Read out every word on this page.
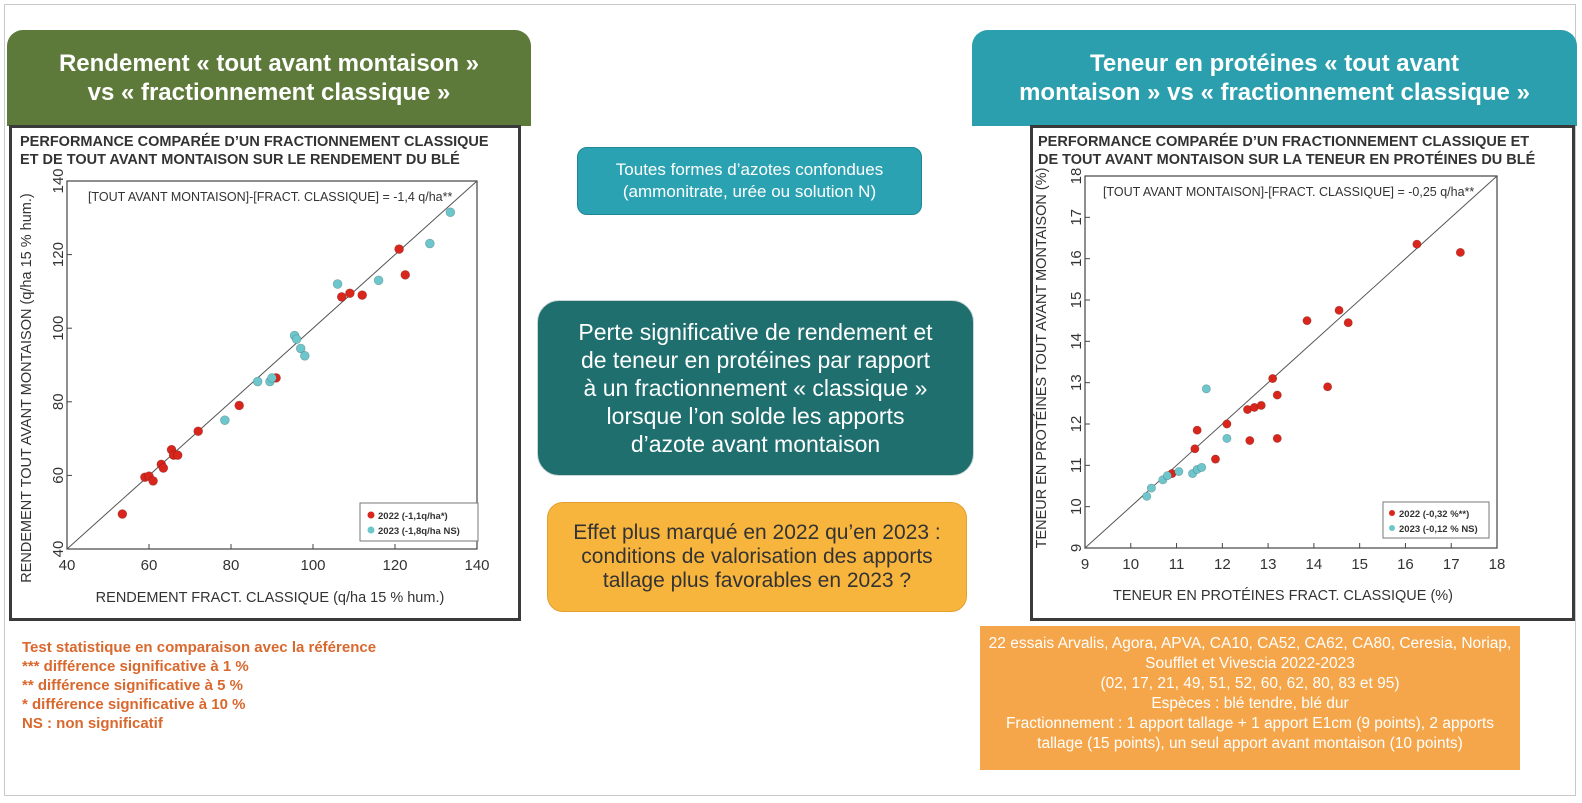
Rendement « tout avant montaison »
vs « fractionnement classique »
Teneur en protéines « tout avant
montaison » vs « fractionnement classique »
PERFORMANCE COMPARÉE D’UN FRACTIONNEMENT CLASSIQUE
ET DE TOUT AVANT MONTAISON SUR LE RENDEMENT DU BLÉ
40	60	80	100	120	140
40
60
80
100
120
140
[TOUT AVANT MONTAISON]-[FRACT. CLASSIQUE] = -1,4 q/ha**
RENDEMENT FRACT. CLASSIQUE (q/ha 15 % hum.)
RENDEMENT TOUT AVANT MONTAISON (q/ha 15 % hum.)	2022 (-1,1q/ha*)
2023 (-1,8q/ha NS)
PERFORMANCE COMPARÉE D’UN FRACTIONNEMENT CLASSIQUE ET
DE TOUT AVANT MONTAISON SUR LA TENEUR EN PROTÉINES DU BLÉ
9 10 11 12 13 14 15 16 17 18
9
10
11
12
13
14
15
16
17
18
[TOUT AVANT MONTAISON]-[FRACT. CLASSIQUE] = -0,25 q/ha**
TENEUR EN PROTÉINES FRACT. CLASSIQUE (%)
TENEUR EN PROTÉINES TOUT AVANT MONTAISON (%)	2022 (-0,32 %**)
2023 (-0,12 % NS)
Toutes formes d’azotes confondues
(ammonitrate, urée ou solution N)
Perte significative de rendement et
de teneur en protéines par rapport
à un fractionnement « classique »
lorsque l’on solde les apports
d’azote avant montaison
Effet plus marqué en 2022 qu’en 2023 :
conditions de valorisation des apports
tallage plus favorables en 2023 ?
Test statistique en comparaison avec la référence
*** différence significative à 1 %
** différence significative à 5 %
* différence significative à 10 %
NS : non significatif
22 essais Arvalis, Agora, APVA, CA10, CA52, CA62, CA80, Ceresia, Noriap,
Soufflet et Vivescia 2022-2023
(02, 17, 21, 49, 51, 52, 60, 62, 80, 83 et 95)
Espèces : blé tendre, blé dur
Fractionnement : 1 apport tallage + 1 apport E1cm (9 points), 2 apports
tallage (15 points), un seul apport avant montaison (10 points)
